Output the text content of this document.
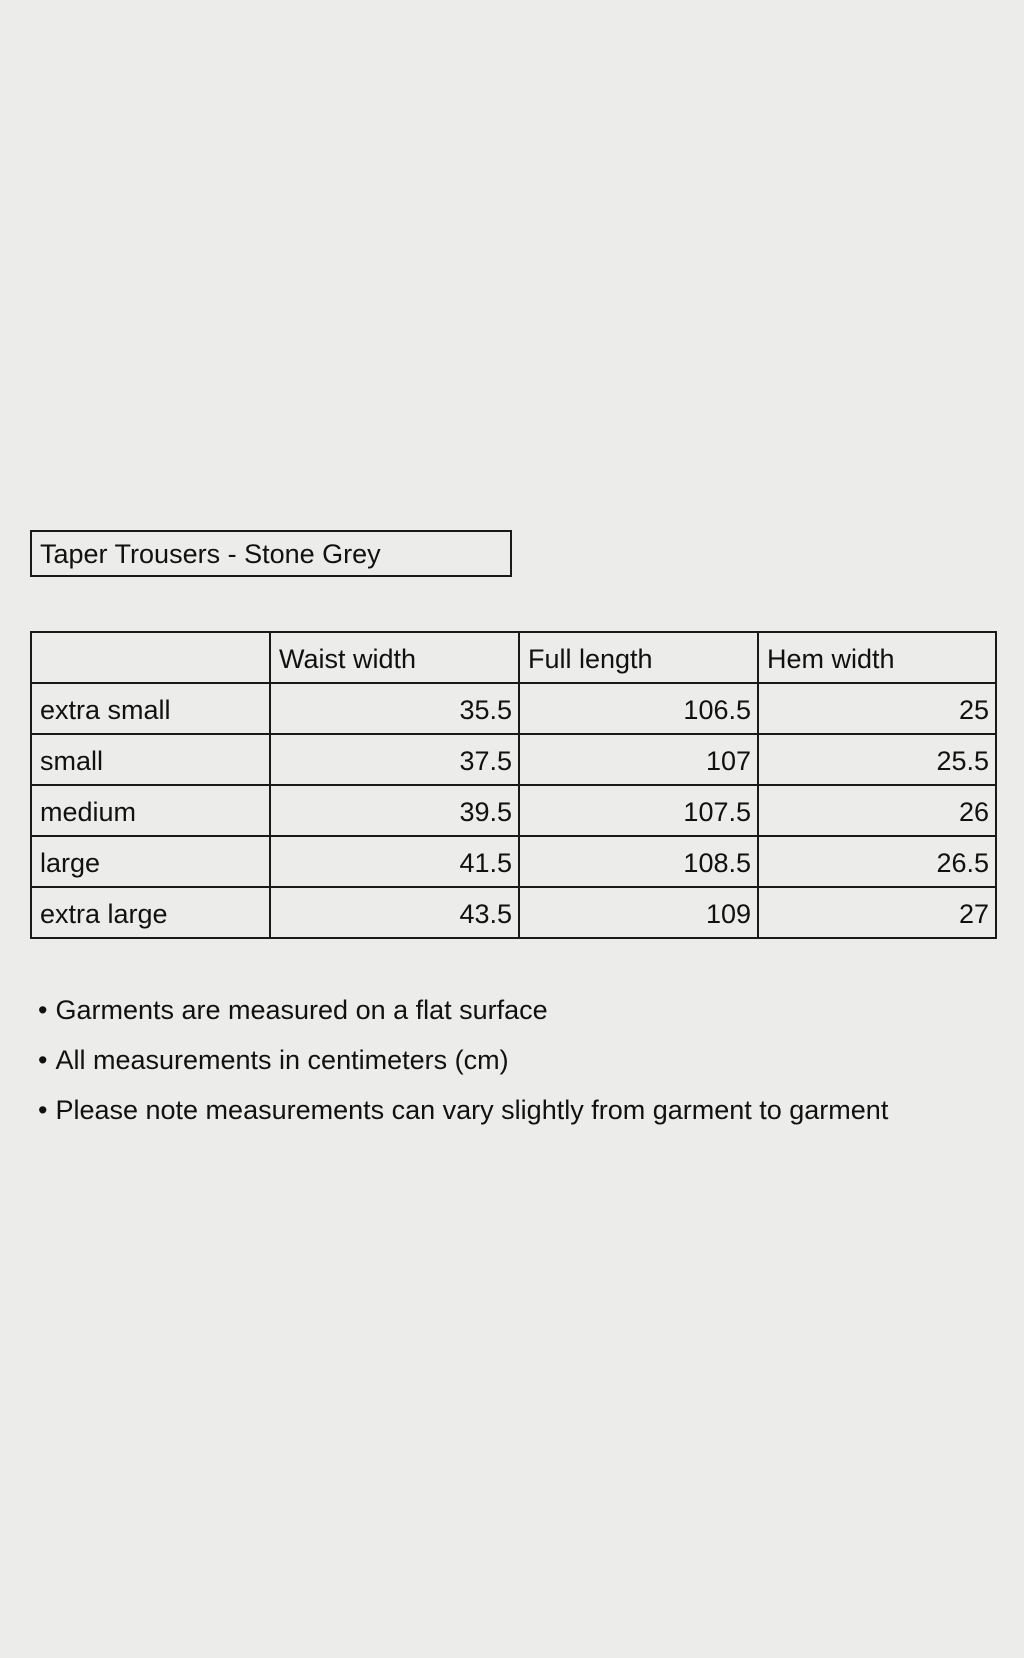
Taper Trousers - Stone Grey
	Waist width	Full length	Hem width
extra small	35.5	106.5	25
small	37.5	107	25.5
medium	39.5	107.5	26
large	41.5	108.5	26.5
extra large	43.5	109	27
• Garments are measured on a flat surface
• All measurements in centimeters (cm)
• Please note measurements can vary slightly from garment to garment
